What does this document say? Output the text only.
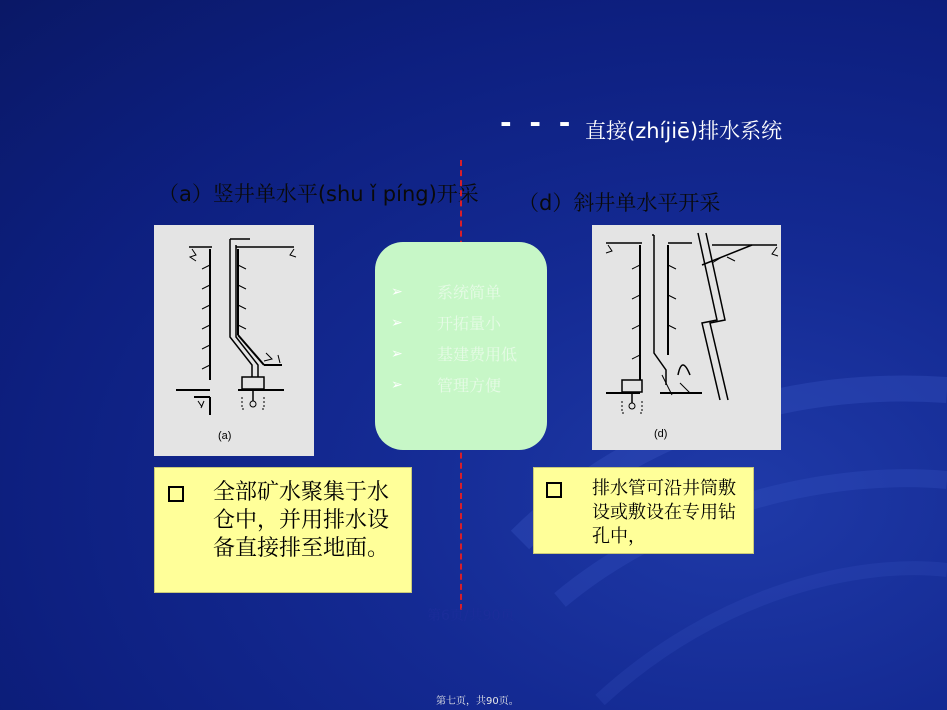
- - - 直接(zhíjiē)排水系统
（a）竖井单水平(shu ǐ píng)开采 （d）斜井单水平开采
(a)	(d)
➢ 系统简单
➢ 开拓量小
➢ 基建费用低
➢ 管理方便
全部矿水聚集于水仓中，并用排水设备直接排至地面。
排水管可沿井筒敷设或敷设在专用钻孔中，
第6页/共90页
第七页，共90页。
